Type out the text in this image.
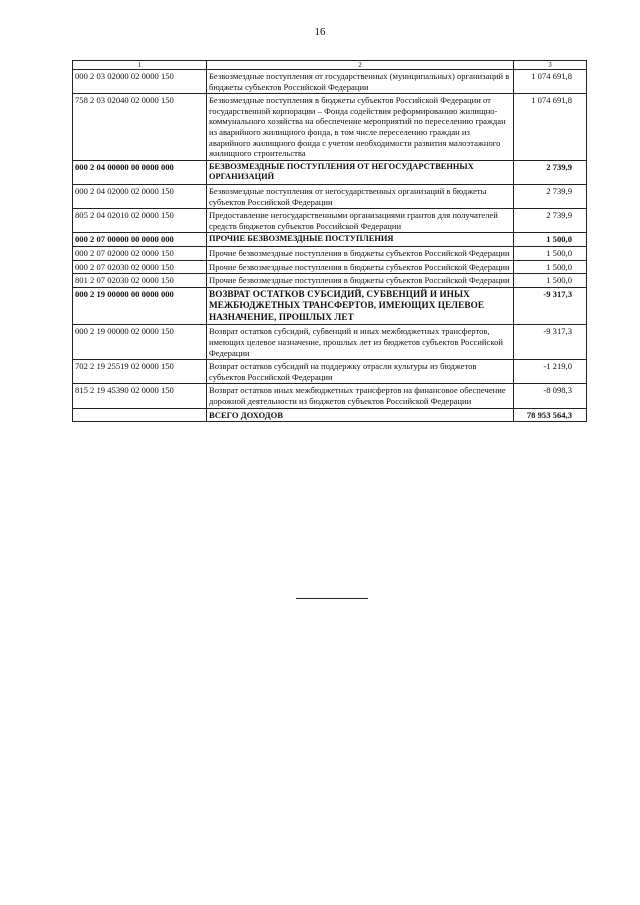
16
1	2	3
000 2 03 02000 02 0000 150	Безвозмездные поступления от государственных (муниципальных) организаций в бюджеты субъектов Российской Федерации	1 074 691,8
758 2 03 02040 02 0000 150	Безвозмездные поступления в бюджеты субъектов Российской Федерации от государственной корпорации – Фонда содействия реформированию жилищно-коммунального хозяйства на обеспечение мероприятий по переселению граждан из аварийного жилищного фонда, в том числе переселению граждан из аварийного жилищного фонда с учетом необходимости развития малоэтажного жилищного строительства	1 074 691,8
000 2 04 00000 00 0000 000	БЕЗВОЗМЕЗДНЫЕ ПОСТУПЛЕНИЯ ОТ НЕГОСУДАРСТВЕННЫХ ОРГАНИЗАЦИЙ	2 739,9
000 2 04 02000 02 0000 150	Безвозмездные поступления от негосударственных организаций в бюджеты субъектов Российской Федерации	2 739,9
805 2 04 02010 02 0000 150	Предоставление негосударственными организациями грантов для получателей средств бюджетов субъектов Российской Федерации	2 739,9
000 2 07 00000 00 0000 000	ПРОЧИЕ БЕЗВОЗМЕЗДНЫЕ ПОСТУПЛЕНИЯ	1 500,0
000 2 07 02000 02 0000 150	Прочие безвозмездные поступления в бюджеты субъектов Российской Федерации	1 500,0
000 2 07 02030 02 0000 150	Прочие безвозмездные поступления в бюджеты субъектов Российской Федерации	1 500,0
801 2 07 02030 02 0000 150	Прочие безвозмездные поступления в бюджеты субъектов Российской Федерации	1 500,0
000 2 19 00000 00 0000 000	ВОЗВРАТ ОСТАТКОВ СУБСИДИЙ, СУБВЕНЦИЙ И ИНЫХ МЕЖБЮДЖЕТНЫХ ТРАНСФЕРТОВ, ИМЕЮЩИХ ЦЕЛЕВОЕ НАЗНАЧЕНИЕ, ПРОШЛЫХ ЛЕТ	-9 317,3
000 2 19 00000 02 0000 150	Возврат остатков субсидий, субвенций и иных межбюджетных трансфертов, имеющих целевое назначение, прошлых лет из бюджетов субъектов Российской Федерации	-9 317,3
702 2 19 25519 02 0000 150	Возврат остатков субсидий на поддержку отрасли культуры из бюджетов субъектов Российской Федерации	-1 219,0
815 2 19 45390 02 0000 150	Возврат остатков иных межбюджетных трансфертов на финансовое обеспечение дорожной деятельности из бюджетов субъектов Российской Федерации	-8 098,3
	ВСЕГО ДОХОДОВ	78 953 564,3
